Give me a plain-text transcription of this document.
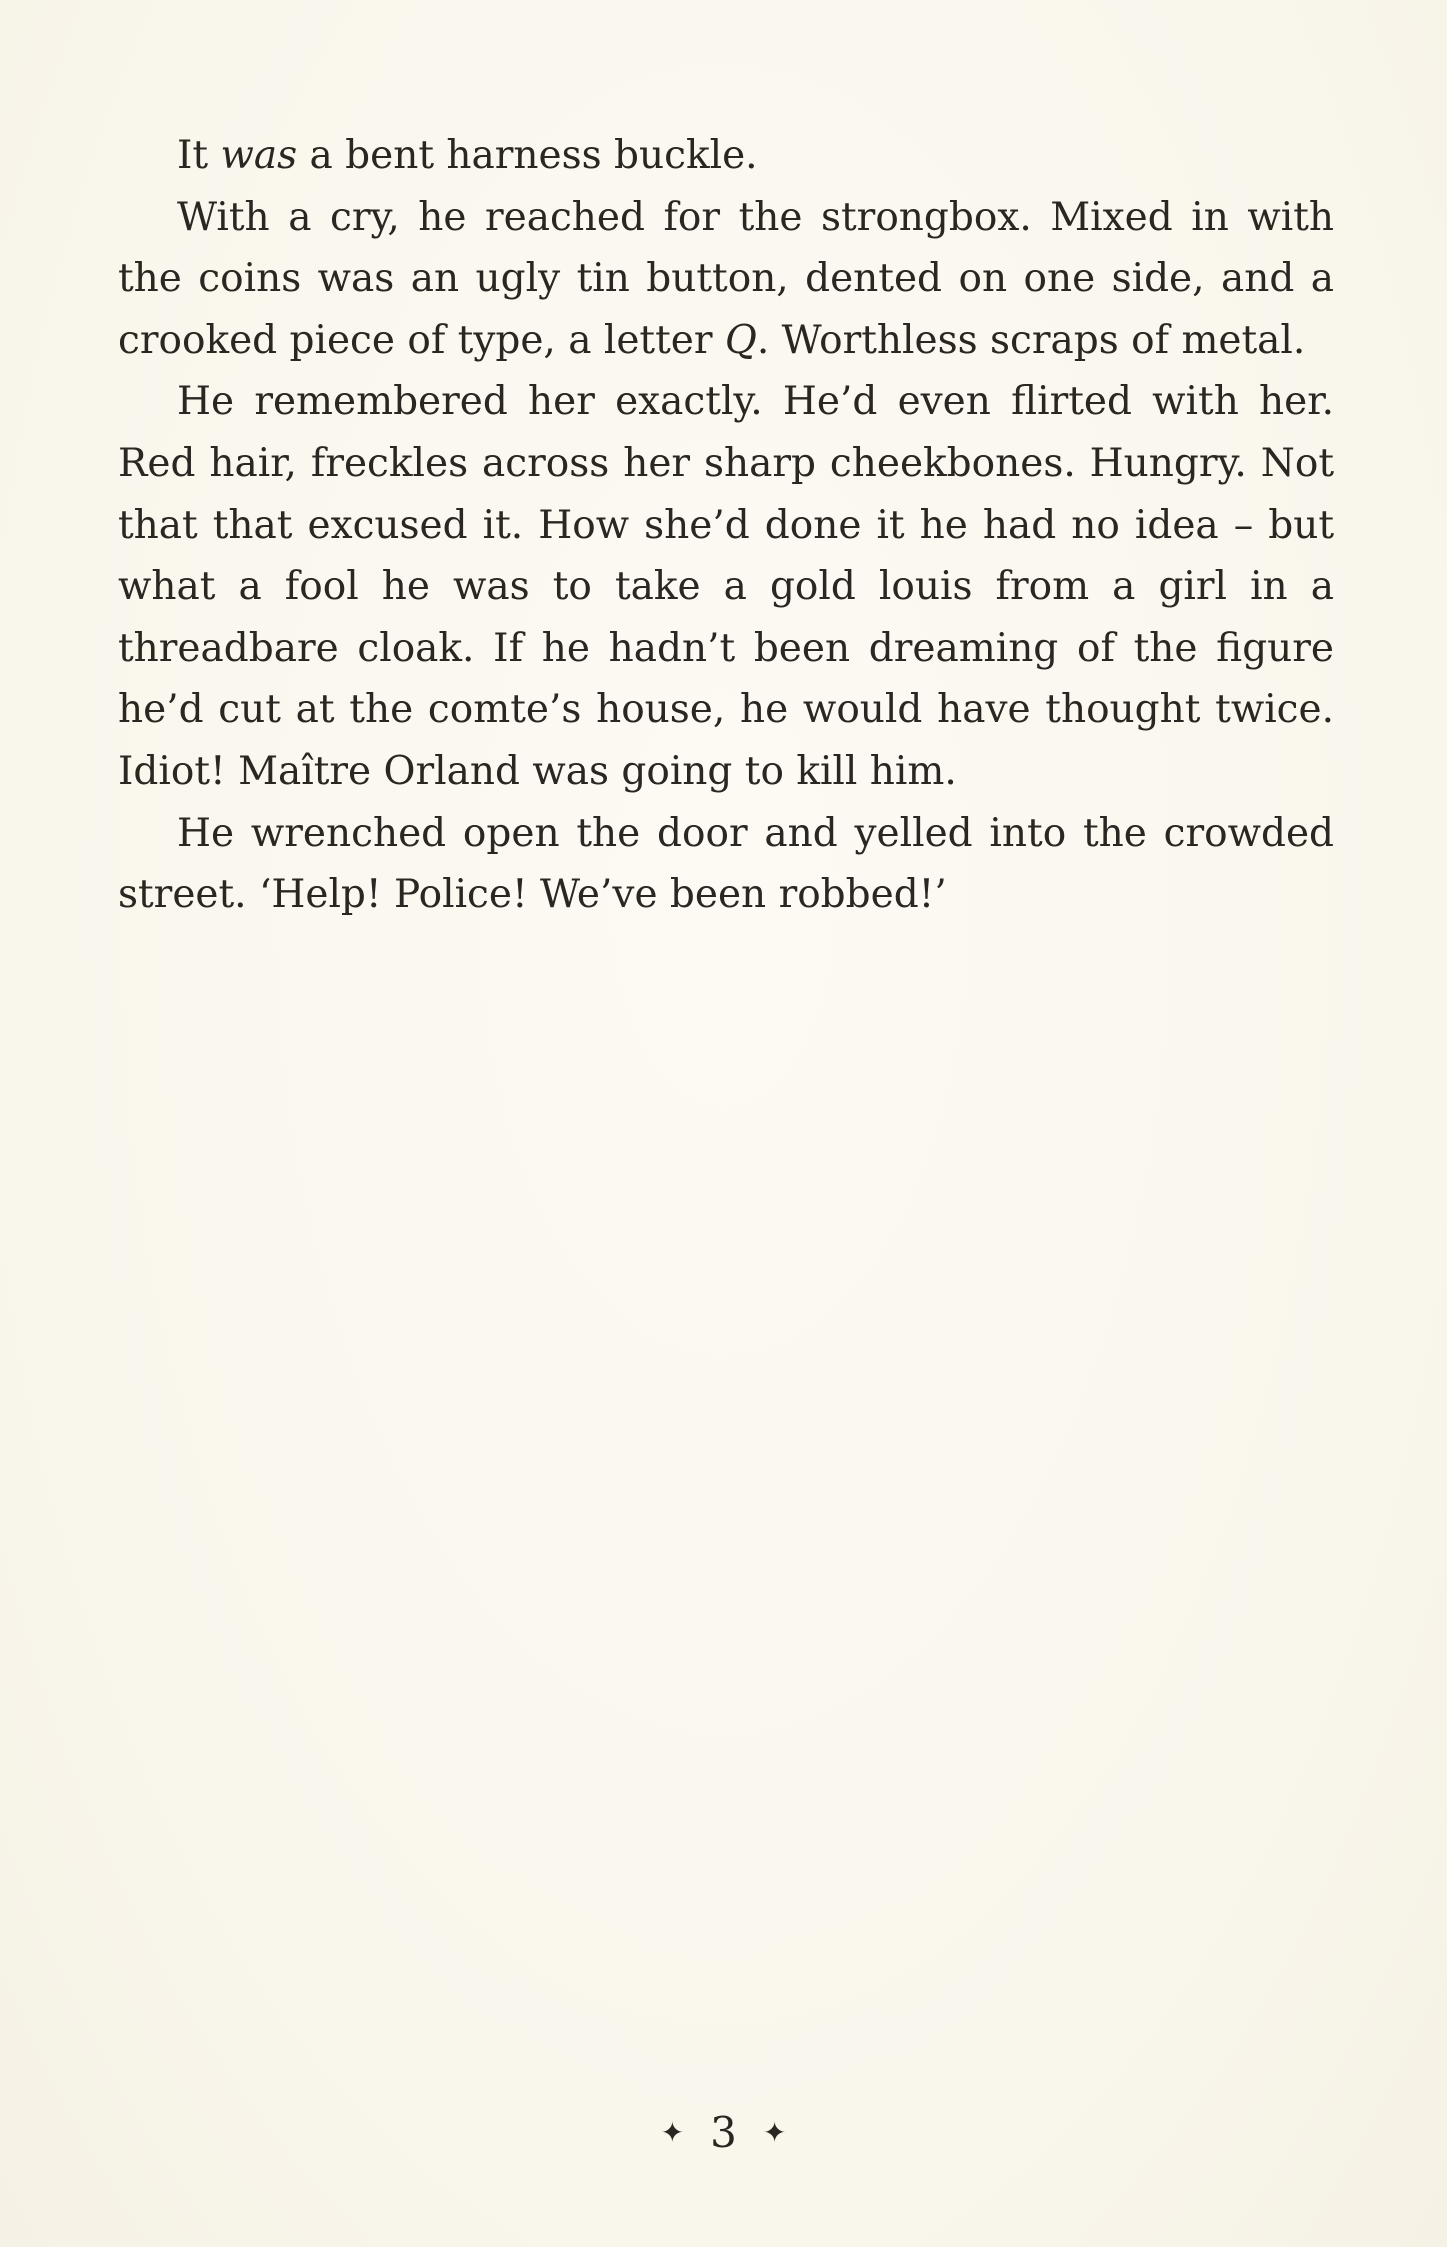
It was a bent harness buckle.

With a cry, he reached for the strongbox. Mixed in with the coins was an ugly tin button, dented on one side, and a crooked piece of type, a letter Q. Worthless scraps of metal.

He remembered her exactly. He’d even flirted with her. Red hair, freckles across her sharp cheekbones. Hungry. Not that that excused it. How she’d done it he had no idea – but what a fool he was to take a gold louis from a girl in a threadbare cloak. If he hadn’t been dreaming of the figure he’d cut at the comte’s house, he would have thought twice. Idiot! Maître Orland was going to kill him.

He wrenched open the door and yelled into the crowded street. ‘Help! Police! We’ve been robbed!’

✦ 3 ✦
